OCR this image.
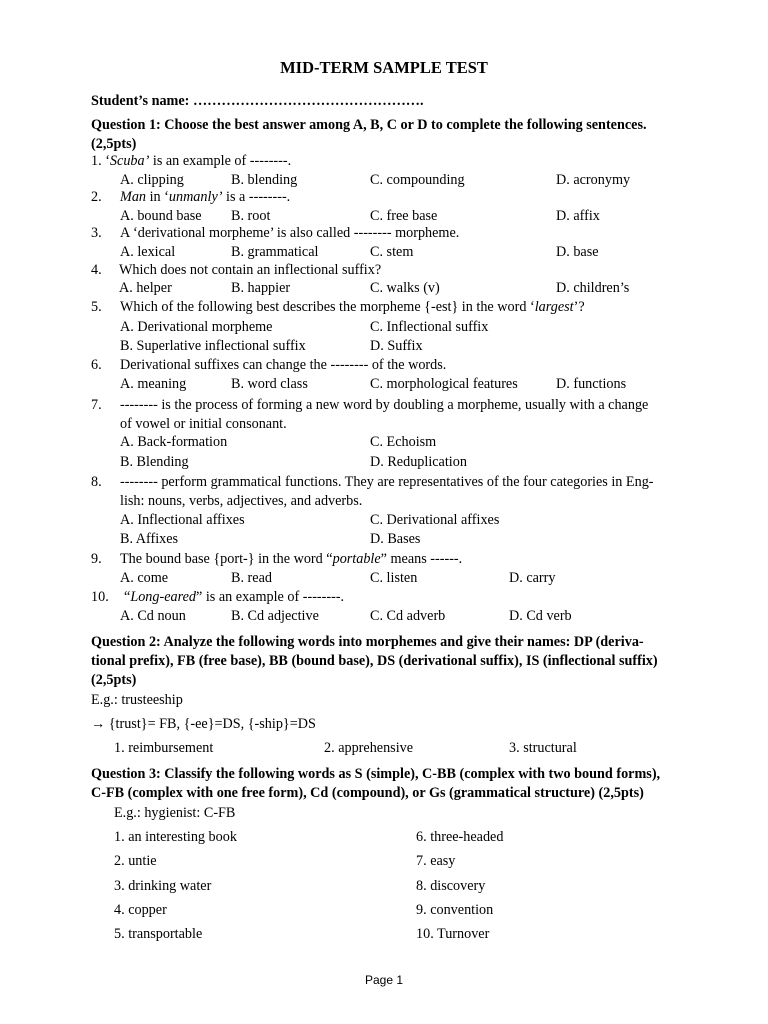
MID-TERM SAMPLE TEST
Student’s name: ………………………………………….
Question 1: Choose the best answer among A, B, C or D to complete the following sentences.
(2,5pts)
1. ‘Scuba’ is an example of --------.
A. clipping	B. blending	C. compounding	D. acronymy
2. Man in ‘unmanly’ is a --------.
A. bound base B. root	C. free base	D. affix
3. A ‘derivational morpheme’ is also called -------- morpheme.
A. lexical	B. grammatical	C. stem	D. base
4. Which does not contain an inflectional suffix?
A. helper	B. happier	C. walks (v)	D. children’s
5. Which of the following best describes the morpheme {-est} in the word ‘largest’?
A. Derivational morpheme	C. Inflectional suffix
B. Superlative inflectional suffix	D. Suffix
6. Derivational suffixes can change the -------- of the words.
A. meaning	B. word class	C. morphological features	D. functions
7. -------- is the process of forming a new word by doubling a morpheme, usually with a change
of vowel or initial consonant.
A. Back-formation	C. Echoism
B. Blending	D. Reduplication
8. -------- perform grammatical functions. They are representatives of the four categories in Eng-
lish: nouns, verbs, adjectives, and adverbs.
A. Inflectional affixes	C. Derivational affixes
B. Affixes	D. Bases
9. The bound base {port-} in the word “portable” means ------.
A. come	B. read	C. listen	D. carry
10. “Long-eared” is an example of --------.
A. Cd noun	B. Cd adjective	C. Cd adverb	D. Cd verb
Question 2: Analyze the following words into morphemes and give their names: DP (deriva-
tional prefix), FB (free base), BB (bound base), DS (derivational suffix), IS (inflectional suffix)
(2,5pts)
E.g.: trusteeship
→ {trust}= FB, {-ee}=DS, {-ship}=DS
1. reimbursement	2. apprehensive	3. structural
Question 3: Classify the following words as S (simple), C-BB (complex with two bound forms),
C-FB (complex with one free form), Cd (compound), or Gs (grammatical structure) (2,5pts)
E.g.: hygienist: C-FB
1. an interesting book
2. untie
3. drinking water
4. copper
5. transportable
6. three-headed
7. easy
8. discovery
9. convention
10. Turnover
Page 1
